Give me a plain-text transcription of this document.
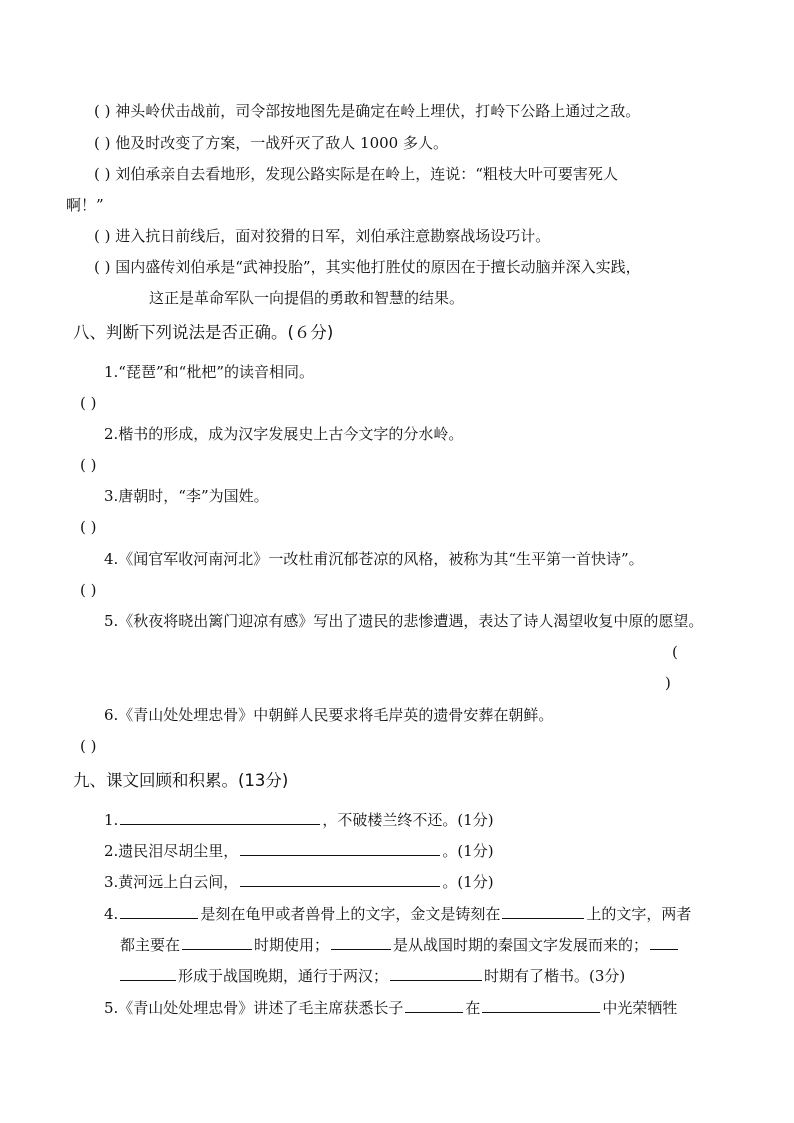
( ) 神头岭伏击战前，司令部按地图先是确定在岭上埋伏，打岭下公路上通过之敌。
( ) 他及时改变了方案，一战歼灭了敌人 1000 多人。
( ) 刘伯承亲自去看地形，发现公路实际是在岭上，连说：“粗枝大叶可要害死人
啊！”
( ) 进入抗日前线后，面对狡猾的日军，刘伯承注意勘察战场设巧计。
( ) 国内盛传刘伯承是“武神投胎”，其实他打胜仗的原因在于擅长动脑并深入实践，
这正是革命军队一向提倡的勇敢和智慧的结果。
八、判断下列说法是否正确。(６分)
1.“琵琶”和“枇杷”的读音相同。
( )
2.楷书的形成，成为汉字发展史上古今文字的分水岭。
( )
3.唐朝时，“李”为国姓。
( )
4.《闻官军收河南河北》一改杜甫沉郁苍凉的风格，被称为其“生平第一首快诗”。
( )
5.《秋夜将晓出篱门迎凉有感》写出了遗民的悲惨遭遇，表达了诗人渴望收复中原的愿望。
(
)
6.《青山处处埋忠骨》中朝鲜人民要求将毛岸英的遗骨安葬在朝鲜。
( )
九、课文回顾和积累。(13分)
1.	，不破楼兰终不还。(1分)
2.遗民泪尽胡尘里，	。(1分)
3.黄河远上白云间，	。(1分)
4.	是刻在龟甲或者兽骨上的文字，金文是铸刻在	上的文字，两者
都主要在	时期使用；	是从战国时期的秦国文字发展而来的；
形成于战国晚期，通行于两汉；	时期有了楷书。(3分)
5.《青山处处埋忠骨》讲述了毛主席获悉长子	在	中光荣牺牲
